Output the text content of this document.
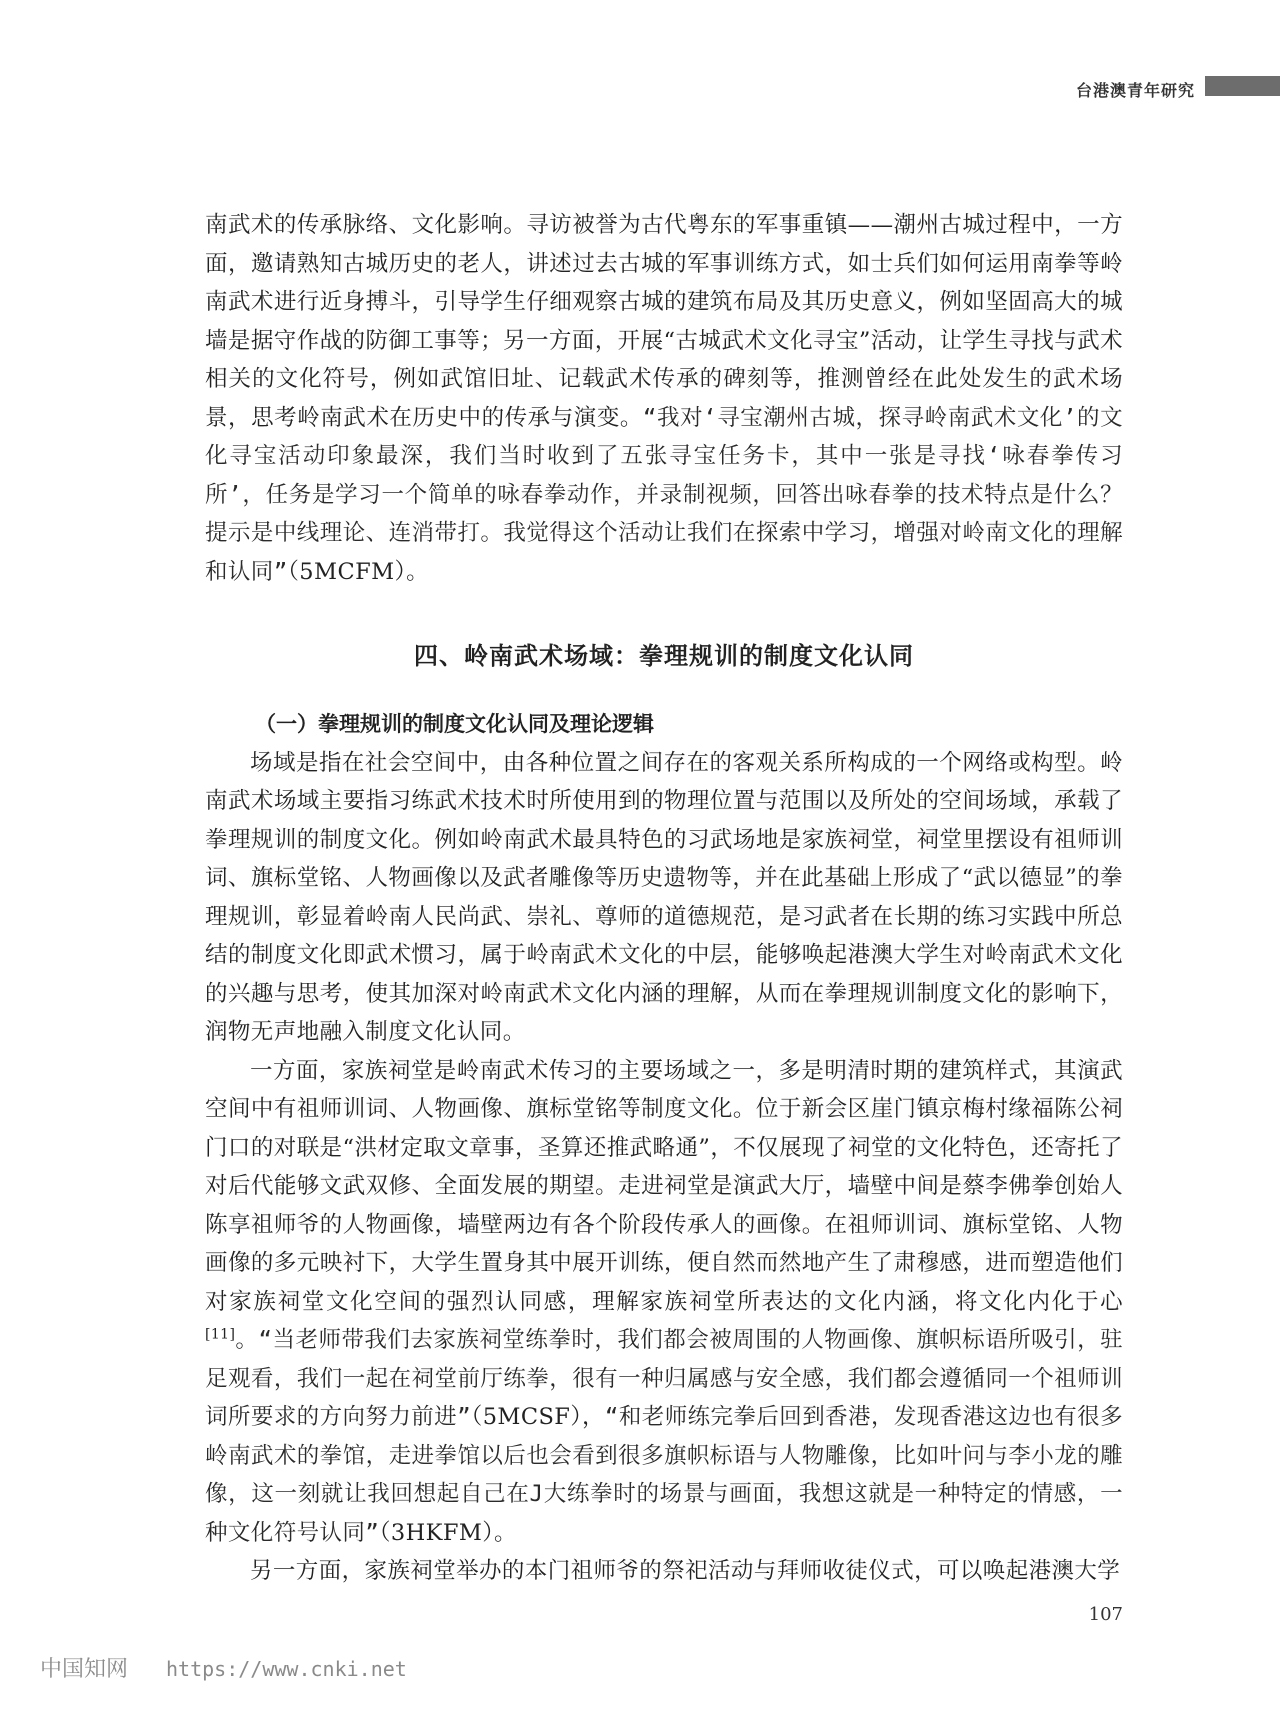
台港澳青年研究

南武术的传承脉络、文化影响。寻访被誉为古代粤东的军事重镇——潮州古城过程中，一方面，邀请熟知古城历史的老人，讲述过去古城的军事训练方式，如士兵们如何运用南拳等岭南武术进行近身搏斗，引导学生仔细观察古城的建筑布局及其历史意义，例如坚固高大的城墙是据守作战的防御工事等；另一方面，开展“古城武术文化寻宝”活动，让学生寻找与武术相关的文化符号，例如武馆旧址、记载武术传承的碑刻等，推测曾经在此处发生的武术场景，思考岭南武术在历史中的传承与演变。“我对‘寻宝潮州古城，探寻岭南武术文化’的文化寻宝活动印象最深，我们当时收到了五张寻宝任务卡，其中一张是寻找‘咏春拳传习所’，任务是学习一个简单的咏春拳动作，并录制视频，回答出咏春拳的技术特点是什么？提示是中线理论、连消带打。我觉得这个活动让我们在探索中学习，增强对岭南文化的理解和认同”（5MCFM）。

四、岭南武术场域：拳理规训的制度文化认同
（一）拳理规训的制度文化认同及理论逻辑

场域是指在社会空间中，由各种位置之间存在的客观关系所构成的一个网络或构型。岭南武术场域主要指习练武术技术时所使用到的物理位置与范围以及所处的空间场域，承载了拳理规训的制度文化。例如岭南武术最具特色的习武场地是家族祠堂，祠堂里摆设有祖师训词、旗标堂铭、人物画像以及武者雕像等历史遗物等，并在此基础上形成了“武以德显”的拳理规训，彰显着岭南人民尚武、崇礼、尊师的道德规范，是习武者在长期的练习实践中所总结的制度文化即武术惯习，属于岭南武术文化的中层，能够唤起港澳大学生对岭南武术文化的兴趣与思考，使其加深对岭南武术文化内涵的理解，从而在拳理规训制度文化的影响下，润物无声地融入制度文化认同。

一方面，家族祠堂是岭南武术传习的主要场域之一，多是明清时期的建筑样式，其演武空间中有祖师训词、人物画像、旗标堂铭等制度文化。位于新会区崖门镇京梅村缘福陈公祠门口的对联是“洪材定取文章事，圣算还推武略通”，不仅展现了祠堂的文化特色，还寄托了对后代能够文武双修、全面发展的期望。走进祠堂是演武大厅，墙壁中间是蔡李佛拳创始人陈享祖师爷的人物画像，墙壁两边有各个阶段传承人的画像。在祖师训词、旗标堂铭、人物画像的多元映衬下，大学生置身其中展开训练，便自然而然地产生了肃穆感，进而塑造他们对家族祠堂文化空间的强烈认同感，理解家族祠堂所表达的文化内涵，将文化内化于心[11]。“当老师带我们去家族祠堂练拳时，我们都会被周围的人物画像、旗帜标语所吸引，驻足观看，我们一起在祠堂前厅练拳，很有一种归属感与安全感，我们都会遵循同一个祖师训词所要求的方向努力前进”（5MCSF），“和老师练完拳后回到香港，发现香港这边也有很多岭南武术的拳馆，走进拳馆以后也会看到很多旗帜标语与人物雕像，比如叶问与李小龙的雕像，这一刻就让我回想起自己在J大练拳时的场景与画面，我想这就是一种特定的情感，一种文化符号认同”（3HKFM）。

另一方面，家族祠堂举办的本门祖师爷的祭祀活动与拜师收徒仪式，可以唤起港澳大学

107
中国知网 https://www.cnki.net
